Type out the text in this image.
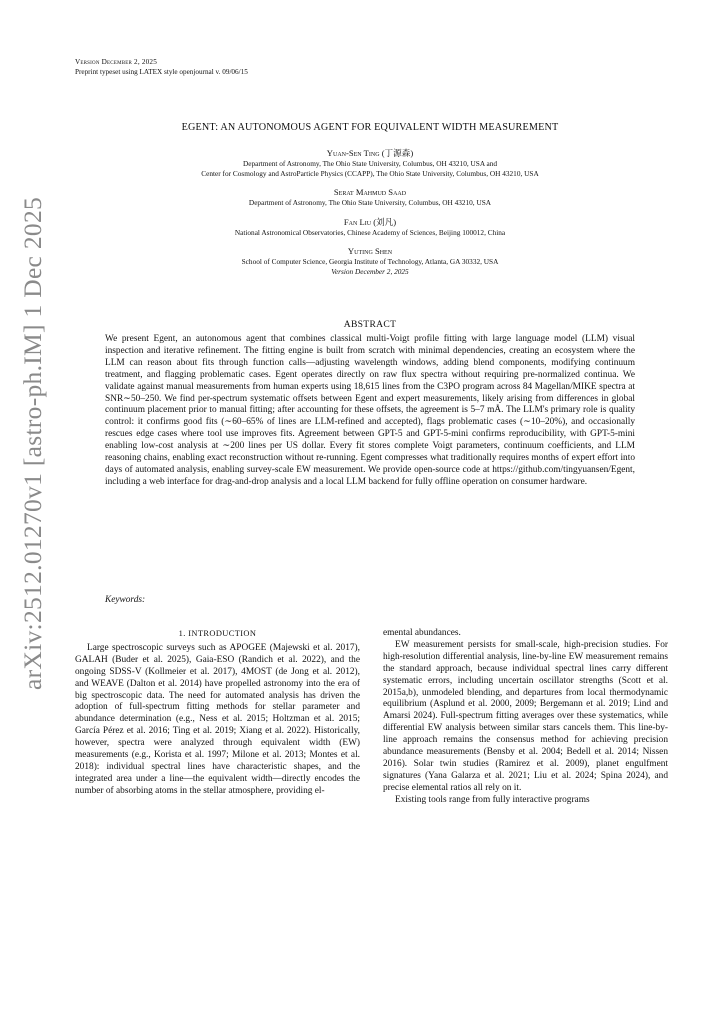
Version December 2, 2025
Preprint typeset using LATEX style openjournal v. 09/06/15
arXiv:2512.01270v1 [astro-ph.IM] 1 Dec 2025
EGENT: AN AUTONOMOUS AGENT FOR EQUIVALENT WIDTH MEASUREMENT
Yuan-Sen Ting (丁源森)
Department of Astronomy, The Ohio State University, Columbus, OH 43210, USA and
Center for Cosmology and AstroParticle Physics (CCAPP), The Ohio State University, Columbus, OH 43210, USA
Serat Mahmud Saad
Department of Astronomy, The Ohio State University, Columbus, OH 43210, USA
Fan Liu (刘凡)
National Astronomical Observatories, Chinese Academy of Sciences, Beijing 100012, China
Yuting Shen
School of Computer Science, Georgia Institute of Technology, Atlanta, GA 30332, USA
Version December 2, 2025
ABSTRACT
We present Egent, an autonomous agent that combines classical multi-Voigt profile fitting with large language model (LLM) visual inspection and iterative refinement. The fitting engine is built from scratch with minimal dependencies, creating an ecosystem where the LLM can reason about fits through function calls—adjusting wavelength windows, adding blend components, modifying continuum treatment, and flagging problematic cases. Egent operates directly on raw flux spectra without requiring pre-normalized continua. We validate against manual measurements from human experts using 18,615 lines from the C3PO program across 84 Magellan/MIKE spectra at SNR∼50–250. We find per-spectrum systematic offsets between Egent and expert measurements, likely arising from differences in global continuum placement prior to manual fitting; after accounting for these offsets, the agreement is 5–7 mÅ. The LLM's primary role is quality control: it confirms good fits (∼60–65% of lines are LLM-refined and accepted), flags problematic cases (∼10–20%), and occasionally rescues edge cases where tool use improves fits. Agreement between GPT-5 and GPT-5-mini confirms reproducibility, with GPT-5-mini enabling low-cost analysis at ∼200 lines per US dollar. Every fit stores complete Voigt parameters, continuum coefficients, and LLM reasoning chains, enabling exact reconstruction without re-running. Egent compresses what traditionally requires months of expert effort into days of automated analysis, enabling survey-scale EW measurement. We provide open-source code at https://github.com/tingyuansen/Egent, including a web interface for drag-and-drop analysis and a local LLM backend for fully offline operation on consumer hardware.
Keywords:
1. INTRODUCTION

Large spectroscopic surveys such as APOGEE (Majewski et al. 2017), GALAH (Buder et al. 2025), Gaia-ESO (Randich et al. 2022), and the ongoing SDSS-V (Kollmeier et al. 2017), 4MOST (de Jong et al. 2012), and WEAVE (Dalton et al. 2014) have propelled astronomy into the era of big spectroscopic data. The need for automated analysis has driven the adoption of full-spectrum fitting methods for stellar parameter and abundance determination (e.g., Ness et al. 2015; Holtzman et al. 2015; García Pérez et al. 2016; Ting et al. 2019; Xiang et al. 2022). Historically, however, spectra were analyzed through equivalent width (EW) measurements (e.g., Korista et al. 1997; Milone et al. 2013; Montes et al. 2018): individual spectral lines have characteristic shapes, and the integrated area under a line—the equivalent width—directly encodes the number of absorbing atoms in the stellar atmosphere, providing el-

emental abundances.

EW measurement persists for small-scale, high-precision studies. For high-resolution differential analysis, line-by-line EW measurement remains the standard approach, because individual spectral lines carry different systematic errors, including uncertain oscillator strengths (Scott et al. 2015a,b), unmodeled blending, and departures from local thermodynamic equilibrium (Asplund et al. 2000, 2009; Bergemann et al. 2019; Lind and Amarsi 2024). Full-spectrum fitting averages over these systematics, while differential EW analysis between similar stars cancels them. This line-by-line approach remains the consensus method for achieving precision abundance measurements (Bensby et al. 2004; Bedell et al. 2014; Nissen 2016). Solar twin studies (Ramirez et al. 2009), planet engulfment signatures (Yana Galarza et al. 2021; Liu et al. 2024; Spina 2024), and precise elemental ratios all rely on it.

Existing tools range from fully interactive programs
